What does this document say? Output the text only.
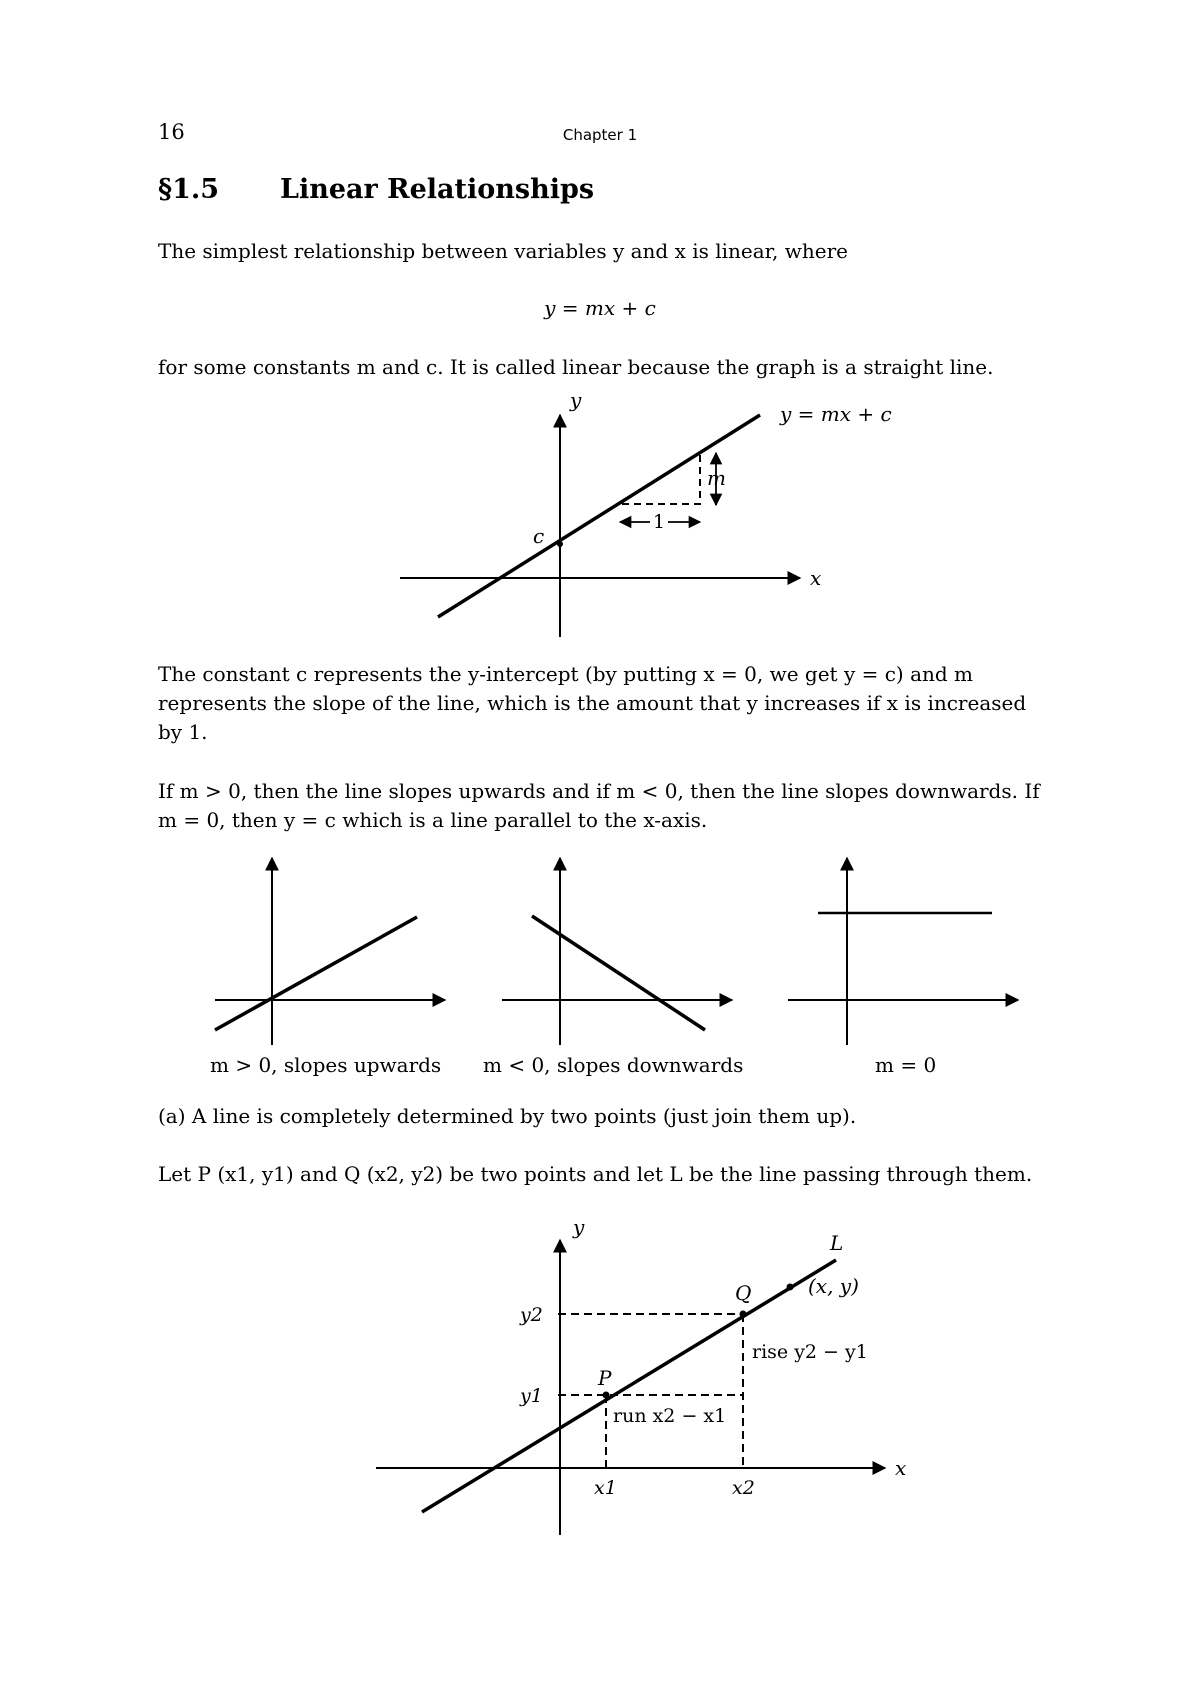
16	Chapter 1
§1.5 Linear Relationships
The simplest relationship between variables y and x is linear, where
y = mx + c
for some constants m and c. It is called linear because the graph is a straight line.
y
x
y = mx + c
c
1
m
The constant c represents the y-intercept (by putting x = 0, we get y = c) and m represents the slope of the line, which is the amount that y increases if x is increased by 1.
If m > 0, then the line slopes upwards and if m < 0, then the line slopes downwards. If m = 0, then y = c which is a line parallel to the x-axis.
m > 0, slopes upwards m < 0, slopes downwards	m = 0
(a) A line is completely determined by two points (just join them up).
Let P (x1, y1) and Q (x2, y2) be two points and let L be the line passing through them.
y
x
L
Q
P
(x, y)
y2
y1
x1	x2
rise y2 − y1
run x2 − x1
